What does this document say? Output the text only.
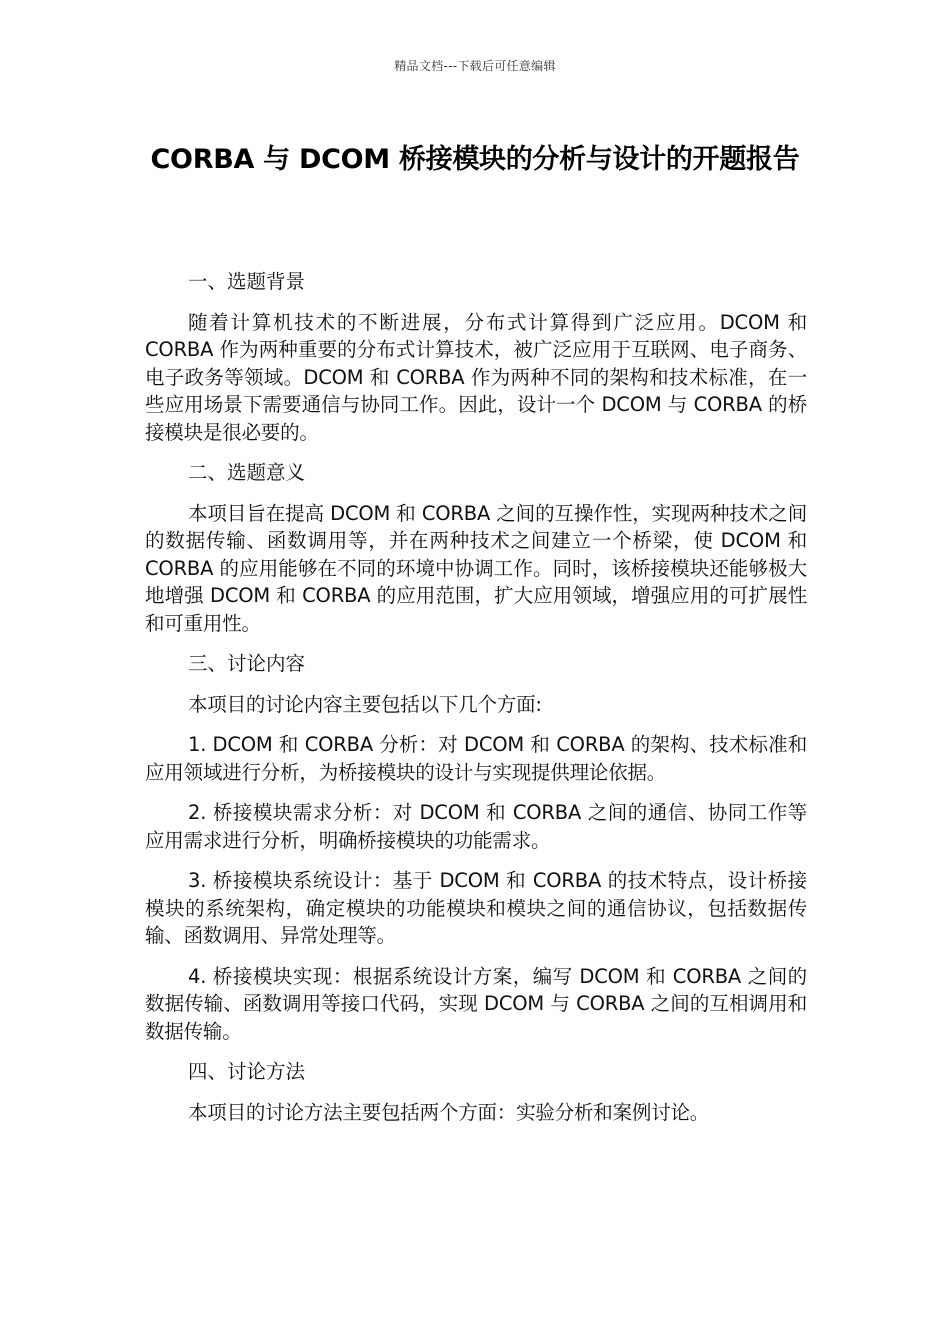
精品文档---下载后可任意编辑
CORBA 与 DCOM 桥接模块的分析与设计的开题报告

一、选题背景

随着计算机技术的不断进展，分布式计算得到广泛应用。DCOM 和 CORBA 作为两种重要的分布式计算技术，被广泛应用于互联网、电子商务、电子政务等领域。DCOM 和 CORBA 作为两种不同的架构和技术标准，在一些应用场景下需要通信与协同工作。因此，设计一个 DCOM 与 CORBA 的桥接模块是很必要的。

二、选题意义

本项目旨在提高 DCOM 和 CORBA 之间的互操作性，实现两种技术之间的数据传输、函数调用等，并在两种技术之间建立一个桥梁，使 DCOM 和 CORBA 的应用能够在不同的环境中协调工作。同时，该桥接模块还能够极大地增强 DCOM 和 CORBA 的应用范围，扩大应用领域，增强应用的可扩展性和可重用性。

三、讨论内容

本项目的讨论内容主要包括以下几个方面:

1. DCOM 和 CORBA 分析：对 DCOM 和 CORBA 的架构、技术标准和应用领域进行分析，为桥接模块的设计与实现提供理论依据。

2. 桥接模块需求分析：对 DCOM 和 CORBA 之间的通信、协同工作等应用需求进行分析，明确桥接模块的功能需求。

3. 桥接模块系统设计：基于 DCOM 和 CORBA 的技术特点，设计桥接模块的系统架构，确定模块的功能模块和模块之间的通信协议，包括数据传输、函数调用、异常处理等。

4. 桥接模块实现：根据系统设计方案，编写 DCOM 和 CORBA 之间的数据传输、函数调用等接口代码，实现 DCOM 与 CORBA 之间的互相调用和数据传输。

四、讨论方法

本项目的讨论方法主要包括两个方面：实验分析和案例讨论。
